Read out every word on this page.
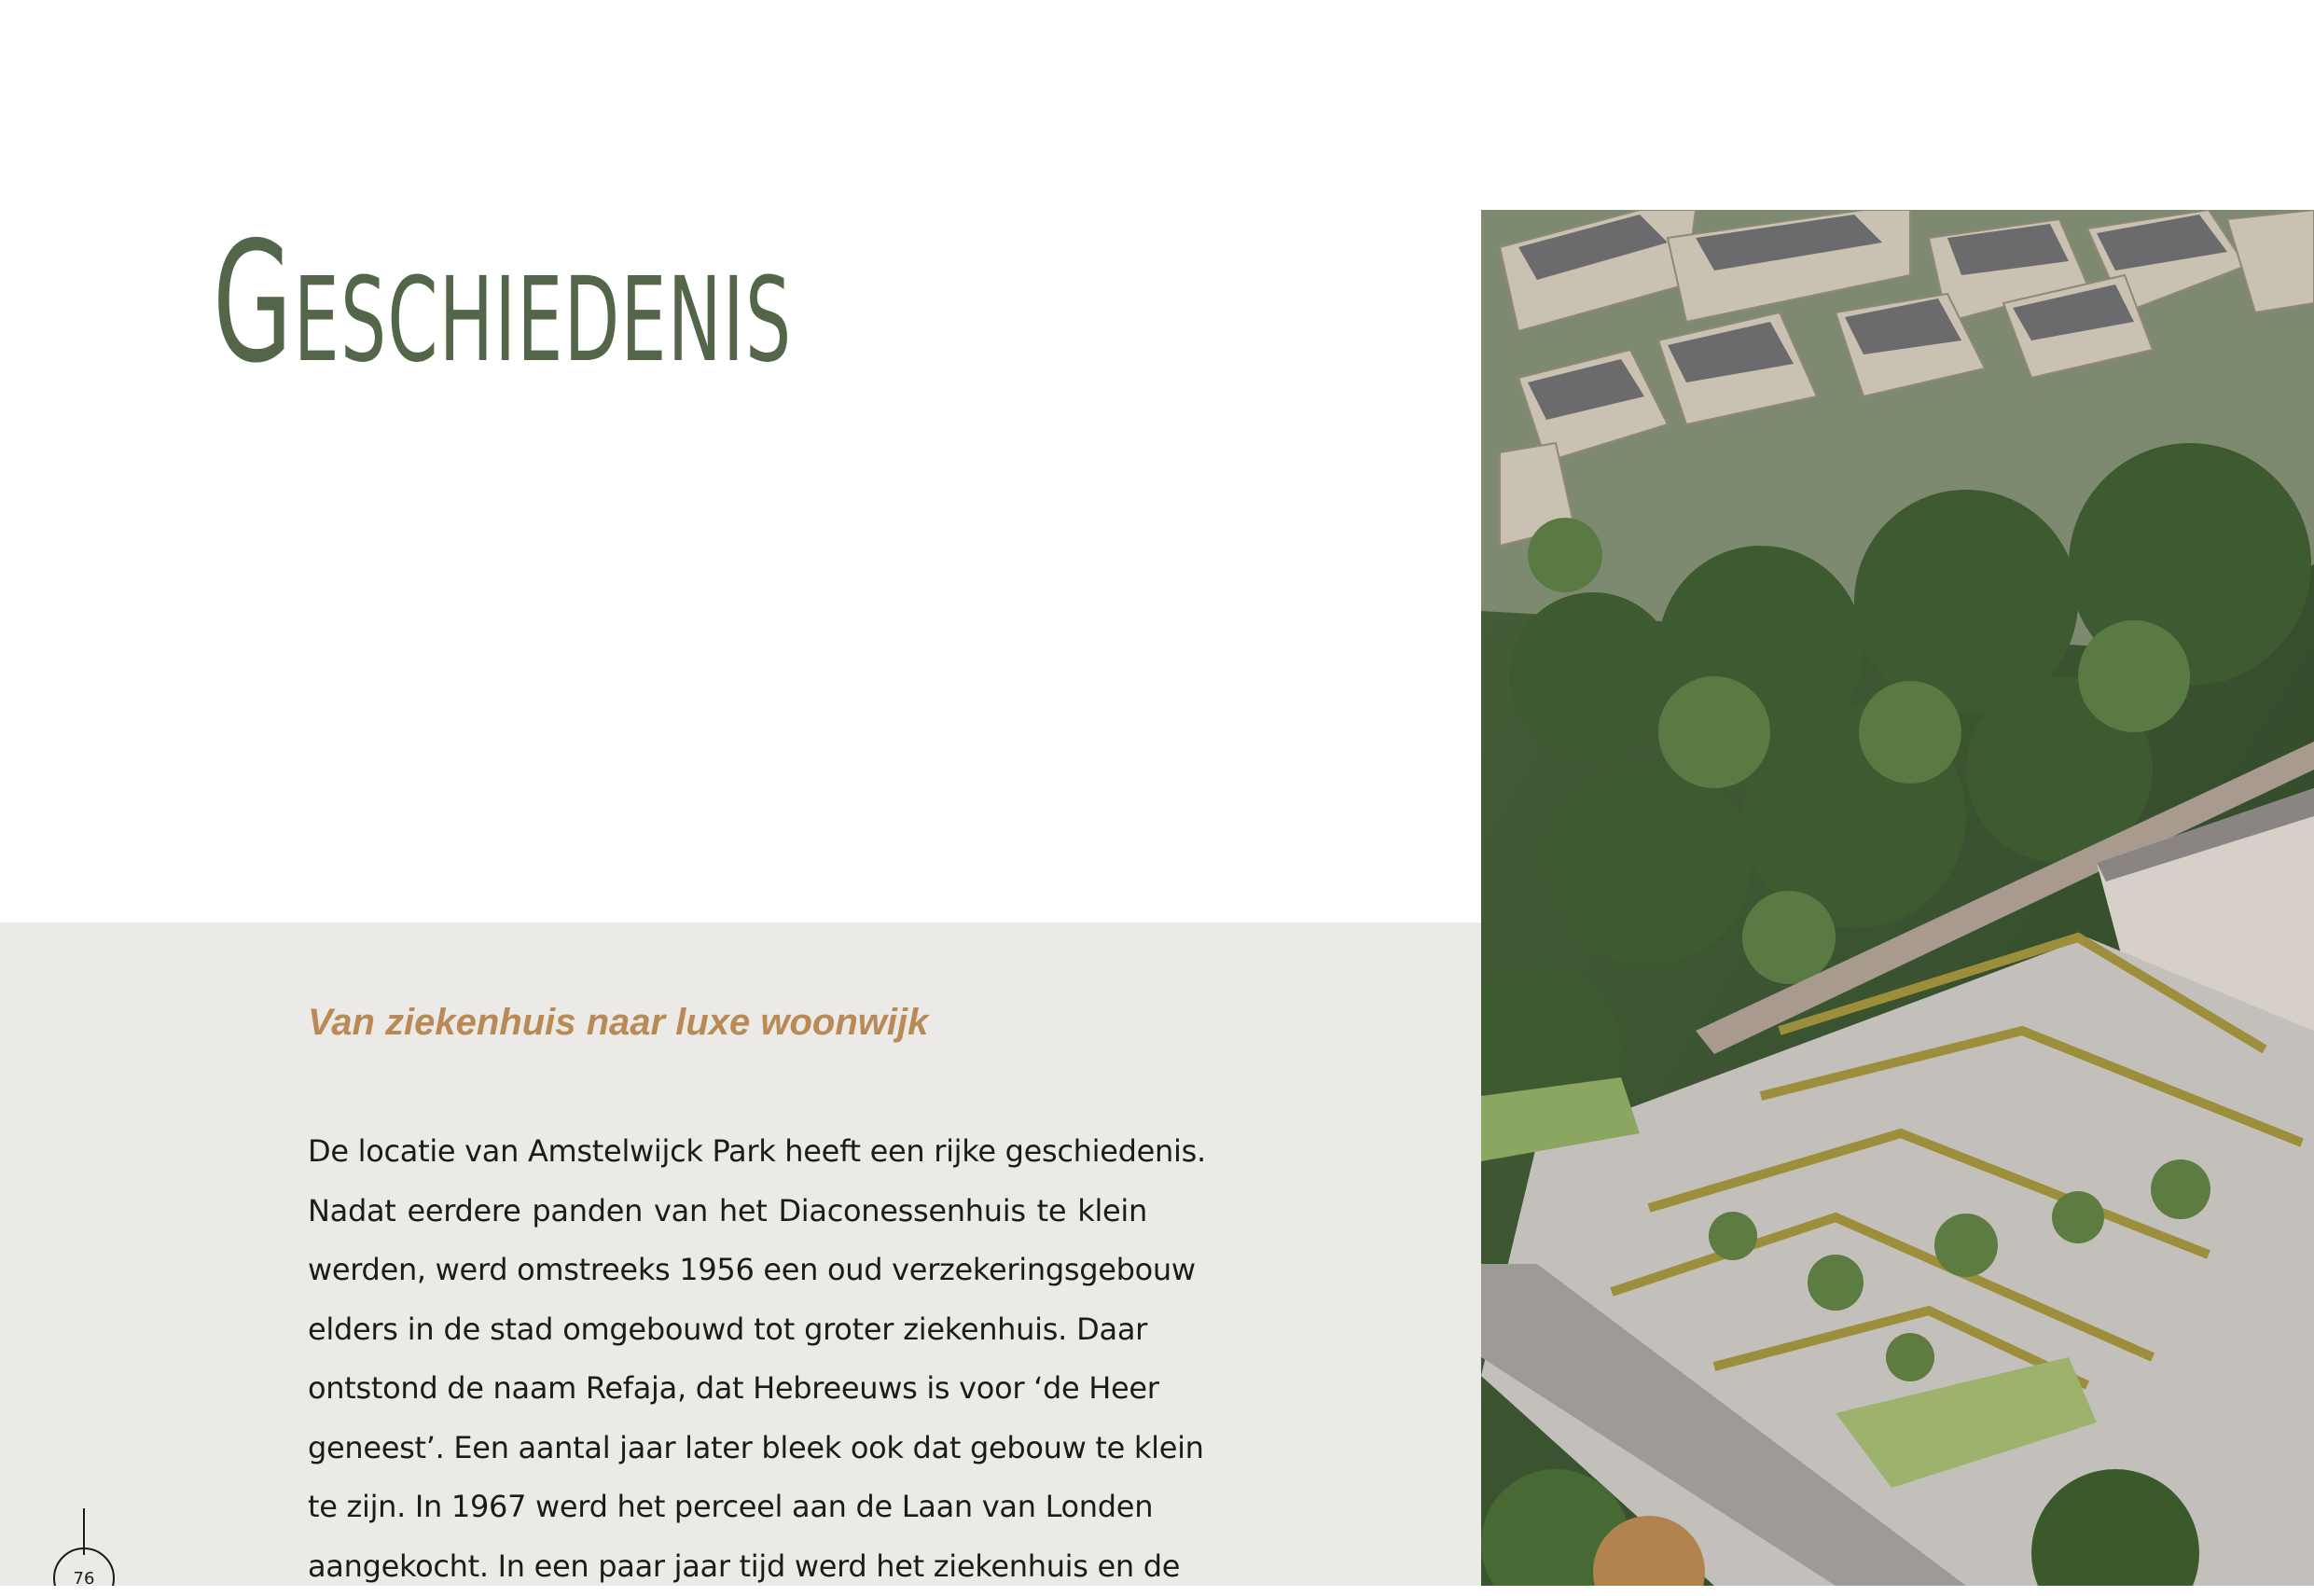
Geschiedenis
Van ziekenhuis naar luxe woonwijk
De locatie van Amstelwijck Park heeft een rijke geschiedenis.
Nadat eerdere panden van het Diaconessenhuis te klein
werden, werd omstreeks 1956 een oud verzekeringsgebouw
elders in de stad omgebouwd tot groter ziekenhuis. Daar
ontstond de naam Refaja, dat Hebreeuws is voor ‘de Heer
geneest’. Een aantal jaar later bleek ook dat gebouw te klein
te zijn. In 1967 werd het perceel aan de Laan van Londen
aangekocht. In een paar jaar tijd werd het ziekenhuis en de
76
